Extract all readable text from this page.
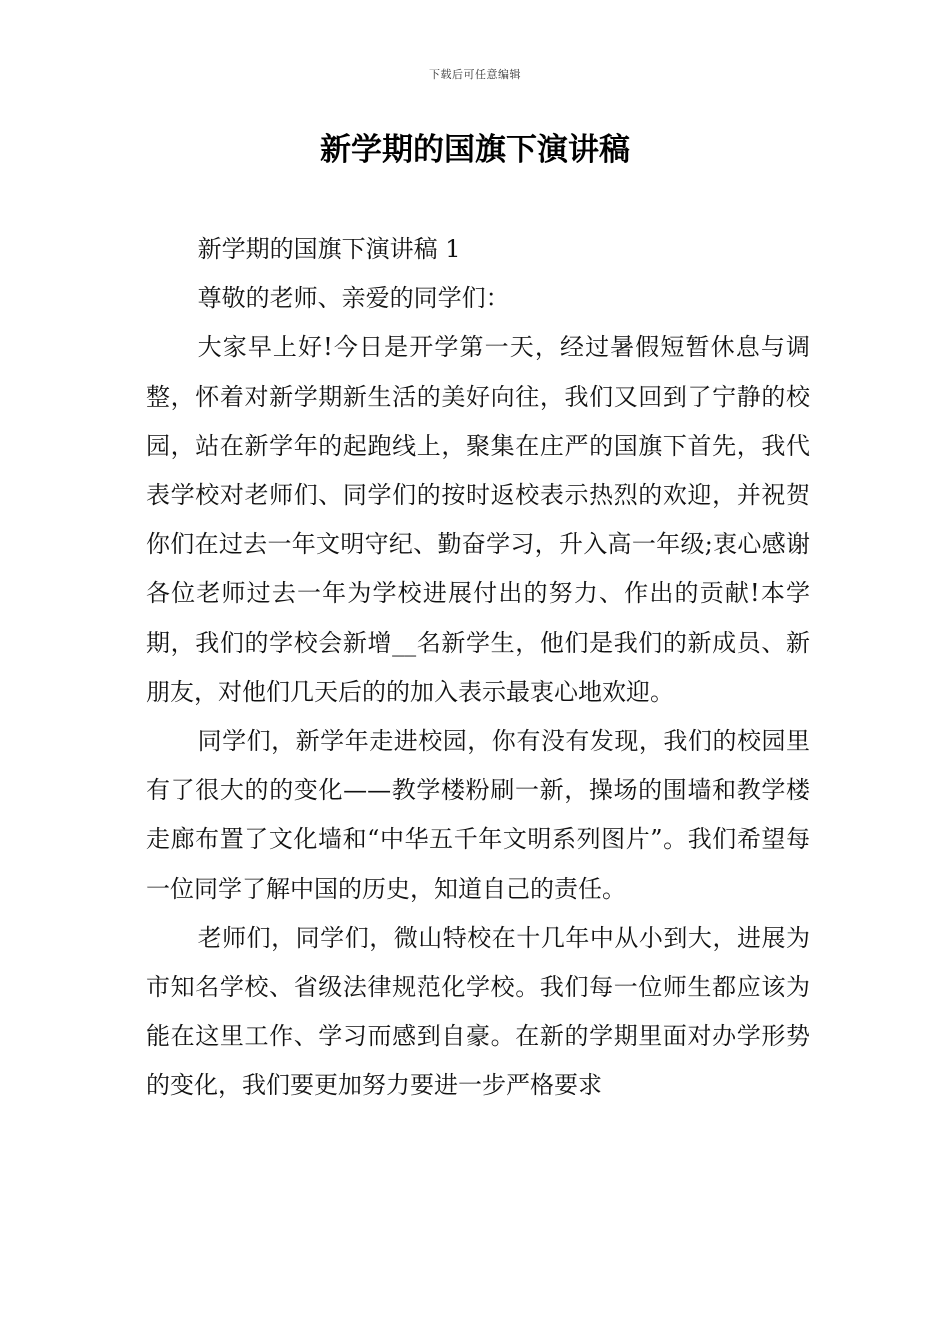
下载后可任意编辑
新学期的国旗下演讲稿

新学期的国旗下演讲稿 1

尊敬的老师、亲爱的同学们：

大家早上好!今日是开学第一天，经过暑假短暂休息与调整，怀着对新学期新生活的美好向往，我们又回到了宁静的校园，站在新学年的起跑线上，聚集在庄严的国旗下首先，我代表学校对老师们、同学们的按时返校表示热烈的欢迎，并祝贺你们在过去一年文明守纪、勤奋学习，升入高一年级;衷心感谢各位老师过去一年为学校进展付出的努力、作出的贡献!本学期，我们的学校会新增__名新学生，他们是我们的新成员、新朋友，对他们几天后的的加入表示最衷心地欢迎。

同学们，新学年走进校园，你有没有发现，我们的校园里有了很大的的变化——教学楼粉刷一新，操场的围墙和教学楼走廊布置了文化墙和“中华五千年文明系列图片”。我们希望每一位同学了解中国的历史，知道自己的责任。

老师们，同学们，微山特校在十几年中从小到大，进展为市知名学校、省级法律规范化学校。我们每一位师生都应该为能在这里工作、学习而感到自豪。在新的学期里面对办学形势的变化，我们要更加努力要进一步严格要求
